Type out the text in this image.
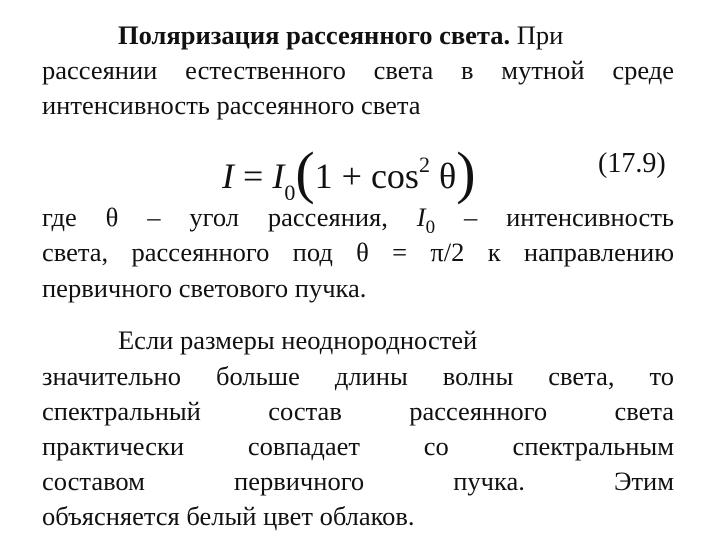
Поляризация рассеянного света. При
рассеянии естественного света в мутной среде
интенсивность рассеянного света
$I = I_0(1 + \cos^2 \theta)$	(17.9)
где θ – угол рассеяния, $I_0$ – интенсивность
света, рассеянного под θ = π/2 к направлению
первичного светового пучка.
Если размеры неоднородностей
значительно больше длины волны света, то
спектральный состав рассеянного света
практически совпадает со спектральным
составом первичного пучка. Этим
объясняется белый цвет облаков.
